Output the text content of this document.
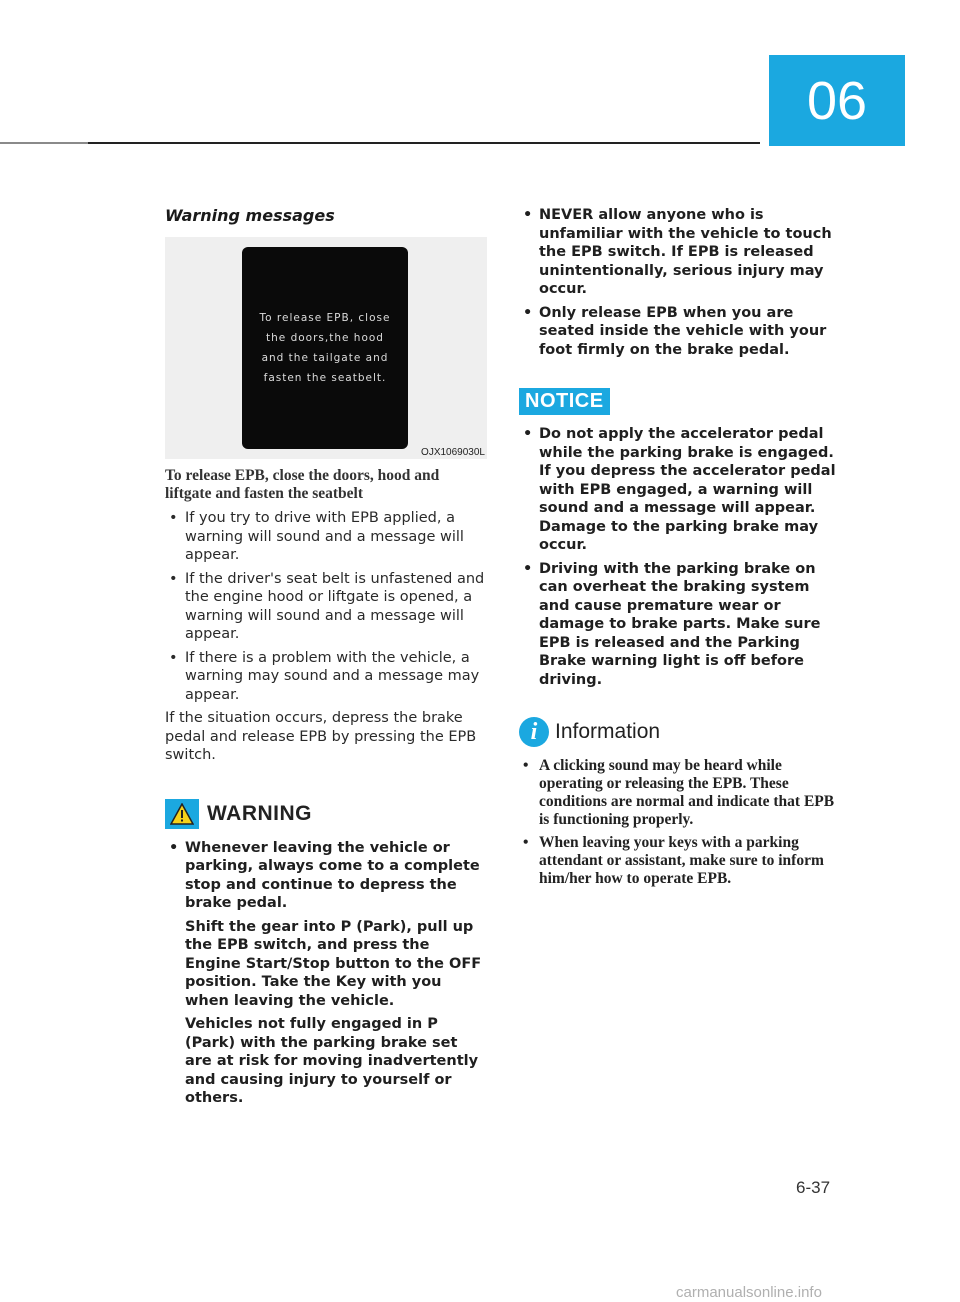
06
Warning messages
To release EPB, close
the doors,the hood
and the tailgate and
fasten the seatbelt.
OJX1069030L
To release EPB, close the doors, hood and liftgate and fasten the seatbelt
• If you try to drive with EPB applied, a warning will sound and a message will appear.
• If the driver's seat belt is unfastened and the engine hood or liftgate is opened, a warning will sound and a message will appear.
• If there is a problem with the vehicle, a warning may sound and a message may appear.

If the situation occurs, depress the brake pedal and release EPB by pressing the EPB switch.

WARNING
• Whenever leaving the vehicle or parking, always come to a complete stop and continue to depress the brake pedal.

Shift the gear into P (Park), pull up the EPB switch, and press the Engine Start/Stop button to the OFF position. Take the Key with you when leaving the vehicle.

Vehicles not fully engaged in P (Park) with the parking brake set are at risk for moving inadvertently and causing injury to yourself or others.

• NEVER allow anyone who is unfamiliar with the vehicle to touch the EPB switch. If EPB is released unintentionally, serious injury may occur.
• Only release EPB when you are seated inside the vehicle with your foot firmly on the brake pedal.
NOTICE
• Do not apply the accelerator pedal while the parking brake is engaged. If you depress the accelerator pedal with EPB engaged, a warning will sound and a message will appear. Damage to the parking brake may occur.
• Driving with the parking brake on can overheat the braking system and cause premature wear or damage to brake parts. Make sure EPB is released and the Parking Brake warning light is off before driving.
i Information
• A clicking sound may be heard while operating or releasing the EPB. These conditions are normal and indicate that EPB is functioning properly.
• When leaving your keys with a parking attendant or assistant, make sure to inform him/her how to operate EPB.
6-37
carmanualsonline.info
